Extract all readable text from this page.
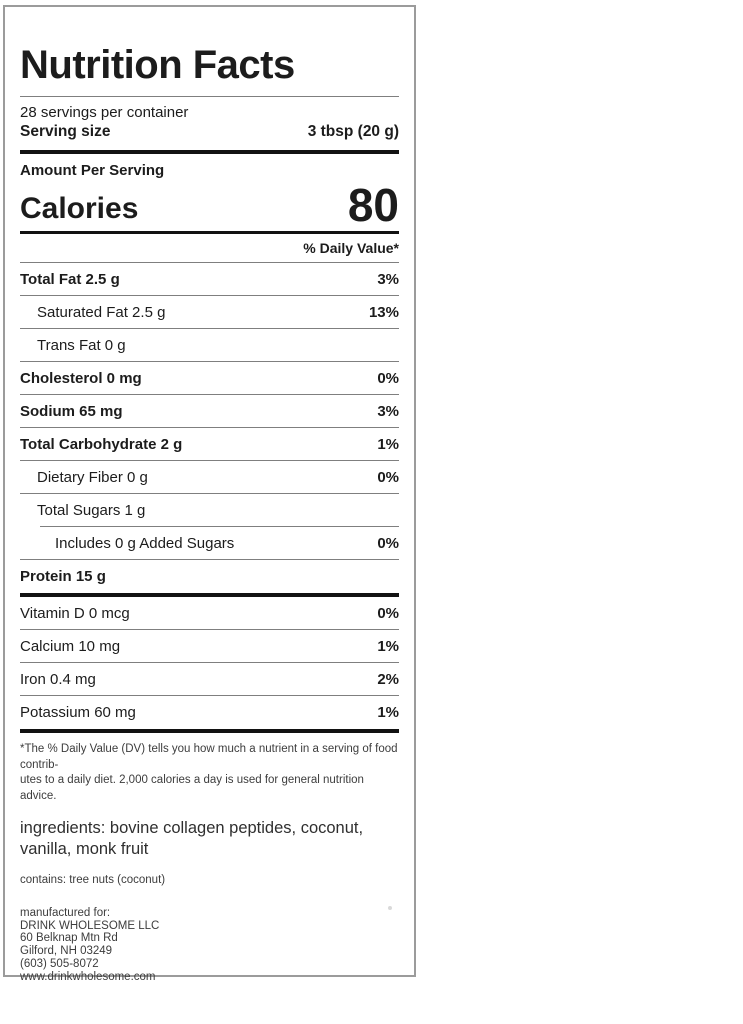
Nutrition Facts
28 servings per container
Serving size	3 tbsp (20 g)
Amount Per Serving
Calories	80
% Daily Value*
Total Fat 2.5 g	3%
Saturated Fat 2.5 g	13%
Trans Fat 0 g
Cholesterol 0 mg	0%
Sodium 65 mg	3%
Total Carbohydrate 2 g	1%
Dietary Fiber 0 g	0%
Total Sugars 1 g
Includes 0 g Added Sugars	0%
Protein 15 g
Vitamin D 0 mcg	0%
Calcium 10 mg	1%
Iron 0.4 mg	2%
Potassium 60 mg	1%
*The % Daily Value (DV) tells you how much a nutrient in a serving of food contrib-
utes to a daily diet. 2,000 calories a day is used for general nutrition advice.
ingredients: bovine collagen peptides, coconut,
vanilla, monk fruit
contains: tree nuts (coconut)
manufactured for:
DRINK WHOLESOME LLC
60 Belknap Mtn Rd
Gilford, NH 03249
(603) 505-8072
www.drinkwholesome.com
